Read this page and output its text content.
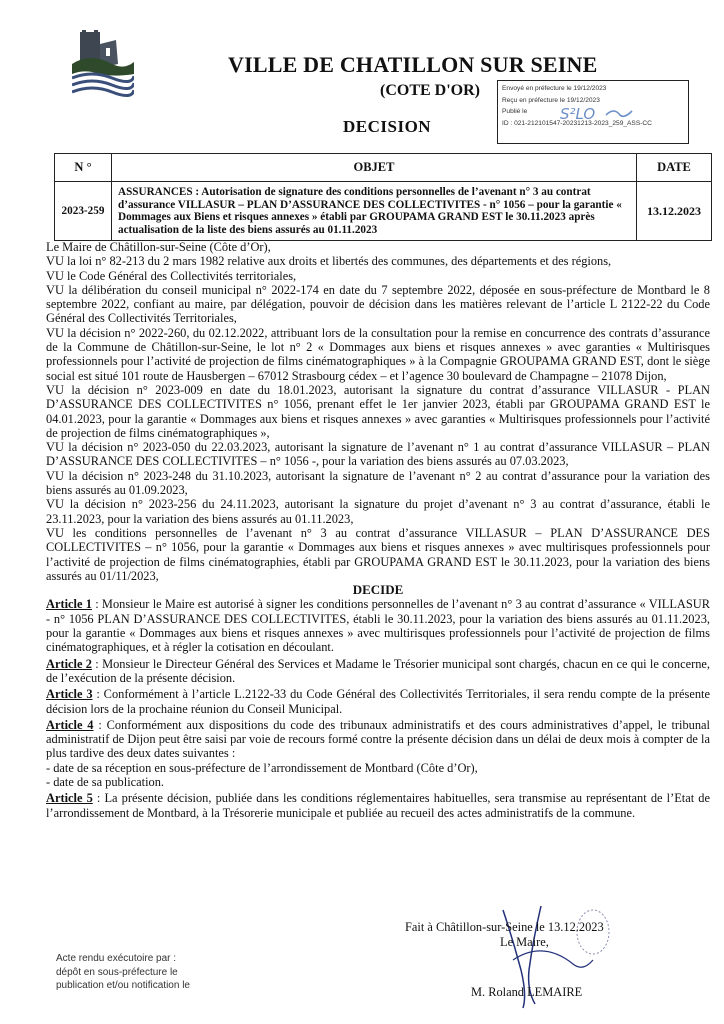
VILLE DE CHATILLON SUR SEINE
(COTE D'OR)
DECISION
Envoyé en préfecture le 19/12/2023
Reçu en préfecture le 19/12/2023
Publié le
ID : 021-212101547-20231213-2023_259_ASS-CC
S²LO
N °	OBJET	DATE
2023-259	ASSURANCES : Autorisation de signature des conditions personnelles de l’avenant n° 3 au contrat d’assurance VILLASUR – PLAN D’ASSURANCE DES COLLECTIVITES - n° 1056 – pour la garantie « Dommages aux Biens et risques annexes » établi par GROUPAMA GRAND EST le 30.11.2023 après actualisation de la liste des biens assurés au 01.11.2023	13.12.2023

Le Maire de Châtillon-sur-Seine (Côte d’Or),

VU la loi n° 82-213 du 2 mars 1982 relative aux droits et libertés des communes, des départements et des régions,

VU le Code Général des Collectivités territoriales,

VU la délibération du conseil municipal n° 2022-174 en date du 7 septembre 2022, déposée en sous-préfecture de Montbard le 8 septembre 2022, confiant au maire, par délégation, pouvoir de décision dans les matières relevant de l’article L 2122-22 du Code Général des Collectivités Territoriales,

VU la décision n° 2022-260, du 02.12.2022, attribuant lors de la consultation pour la remise en concurrence des contrats d’assurance de la Commune de Châtillon-sur-Seine, le lot n° 2 « Dommages aux biens et risques annexes » avec garanties « Multirisques professionnels pour l’activité de projection de films cinématographiques » à la Compagnie GROUPAMA GRAND EST, dont le siège social est situé 101 route de Hausbergen – 67012 Strasbourg cédex – et l’agence 30 boulevard de Champagne – 21078 Dijon,

VU la décision n° 2023-009 en date du 18.01.2023, autorisant la signature du contrat d’assurance VILLASUR - PLAN D’ASSURANCE DES COLLECTIVITES n° 1056, prenant effet le 1er janvier 2023, établi par GROUPAMA GRAND EST le 04.01.2023, pour la garantie « Dommages aux biens et risques annexes » avec garanties « Multirisques professionnels pour l’activité de projection de films cinématographiques »,

VU la décision n° 2023-050 du 22.03.2023, autorisant la signature de l’avenant n° 1 au contrat d’assurance VILLASUR – PLAN D’ASSURANCE DES COLLECTIVITES – n° 1056 -, pour la variation des biens assurés au 07.03.2023,

VU la décision n° 2023-248 du 31.10.2023, autorisant la signature de l’avenant n° 2 au contrat d’assurance pour la variation des biens assurés au 01.09.2023,

VU la décision n° 2023-256 du 24.11.2023, autorisant la signature du projet d’avenant n° 3 au contrat d’assurance, établi le 23.11.2023, pour la variation des biens assurés au 01.11.2023,

VU les conditions personnelles de l’avenant n° 3 au contrat d’assurance VILLASUR – PLAN D’ASSURANCE DES COLLECTIVITES – n° 1056, pour la garantie « Dommages aux biens et risques annexes » avec multirisques professionnels pour l’activité de projection de films cinématographies, établi par GROUPAMA GRAND EST le 30.11.2023, pour la variation des biens assurés au 01/11/2023,

DECIDE

Article 1 : Monsieur le Maire est autorisé à signer les conditions personnelles de l’avenant n° 3 au contrat d’assurance « VILLASUR - n° 1056 PLAN D’ASSURANCE DES COLLECTIVITES, établi le 30.11.2023, pour la variation des biens assurés au 01.11.2023, pour la garantie « Dommages aux biens et risques annexes » avec multirisques professionnels pour l’activité de projection de films cinématographiques, et à régler la cotisation en découlant.

Article 2 : Monsieur le Directeur Général des Services et Madame le Trésorier municipal sont chargés, chacun en ce qui le concerne, de l’exécution de la présente décision.

Article 3 : Conformément à l’article L.2122-33 du Code Général des Collectivités Territoriales, il sera rendu compte de la présente décision lors de la prochaine réunion du Conseil Municipal.

Article 4 : Conformément aux dispositions du code des tribunaux administratifs et des cours administratives d’appel, le tribunal administratif de Dijon peut être saisi par voie de recours formé contre la présente décision dans un délai de deux mois à compter de la plus tardive des deux dates suivantes :

- date de sa réception en sous-préfecture de l’arrondissement de Montbard (Côte d’Or),

- date de sa publication.

Article 5 : La présente décision, publiée dans les conditions réglementaires habituelles, sera transmise au représentant de l’Etat de l’arrondissement de Montbard, à la Trésorerie municipale et publiée au recueil des actes administratifs de la commune.

Fait à Châtillon-sur-Seine le 13.12.2023
Le Maire,
M. Roland LEMAIRE
Acte rendu exécutoire par :
dépôt en sous-préfecture le
publication et/ou notification le
